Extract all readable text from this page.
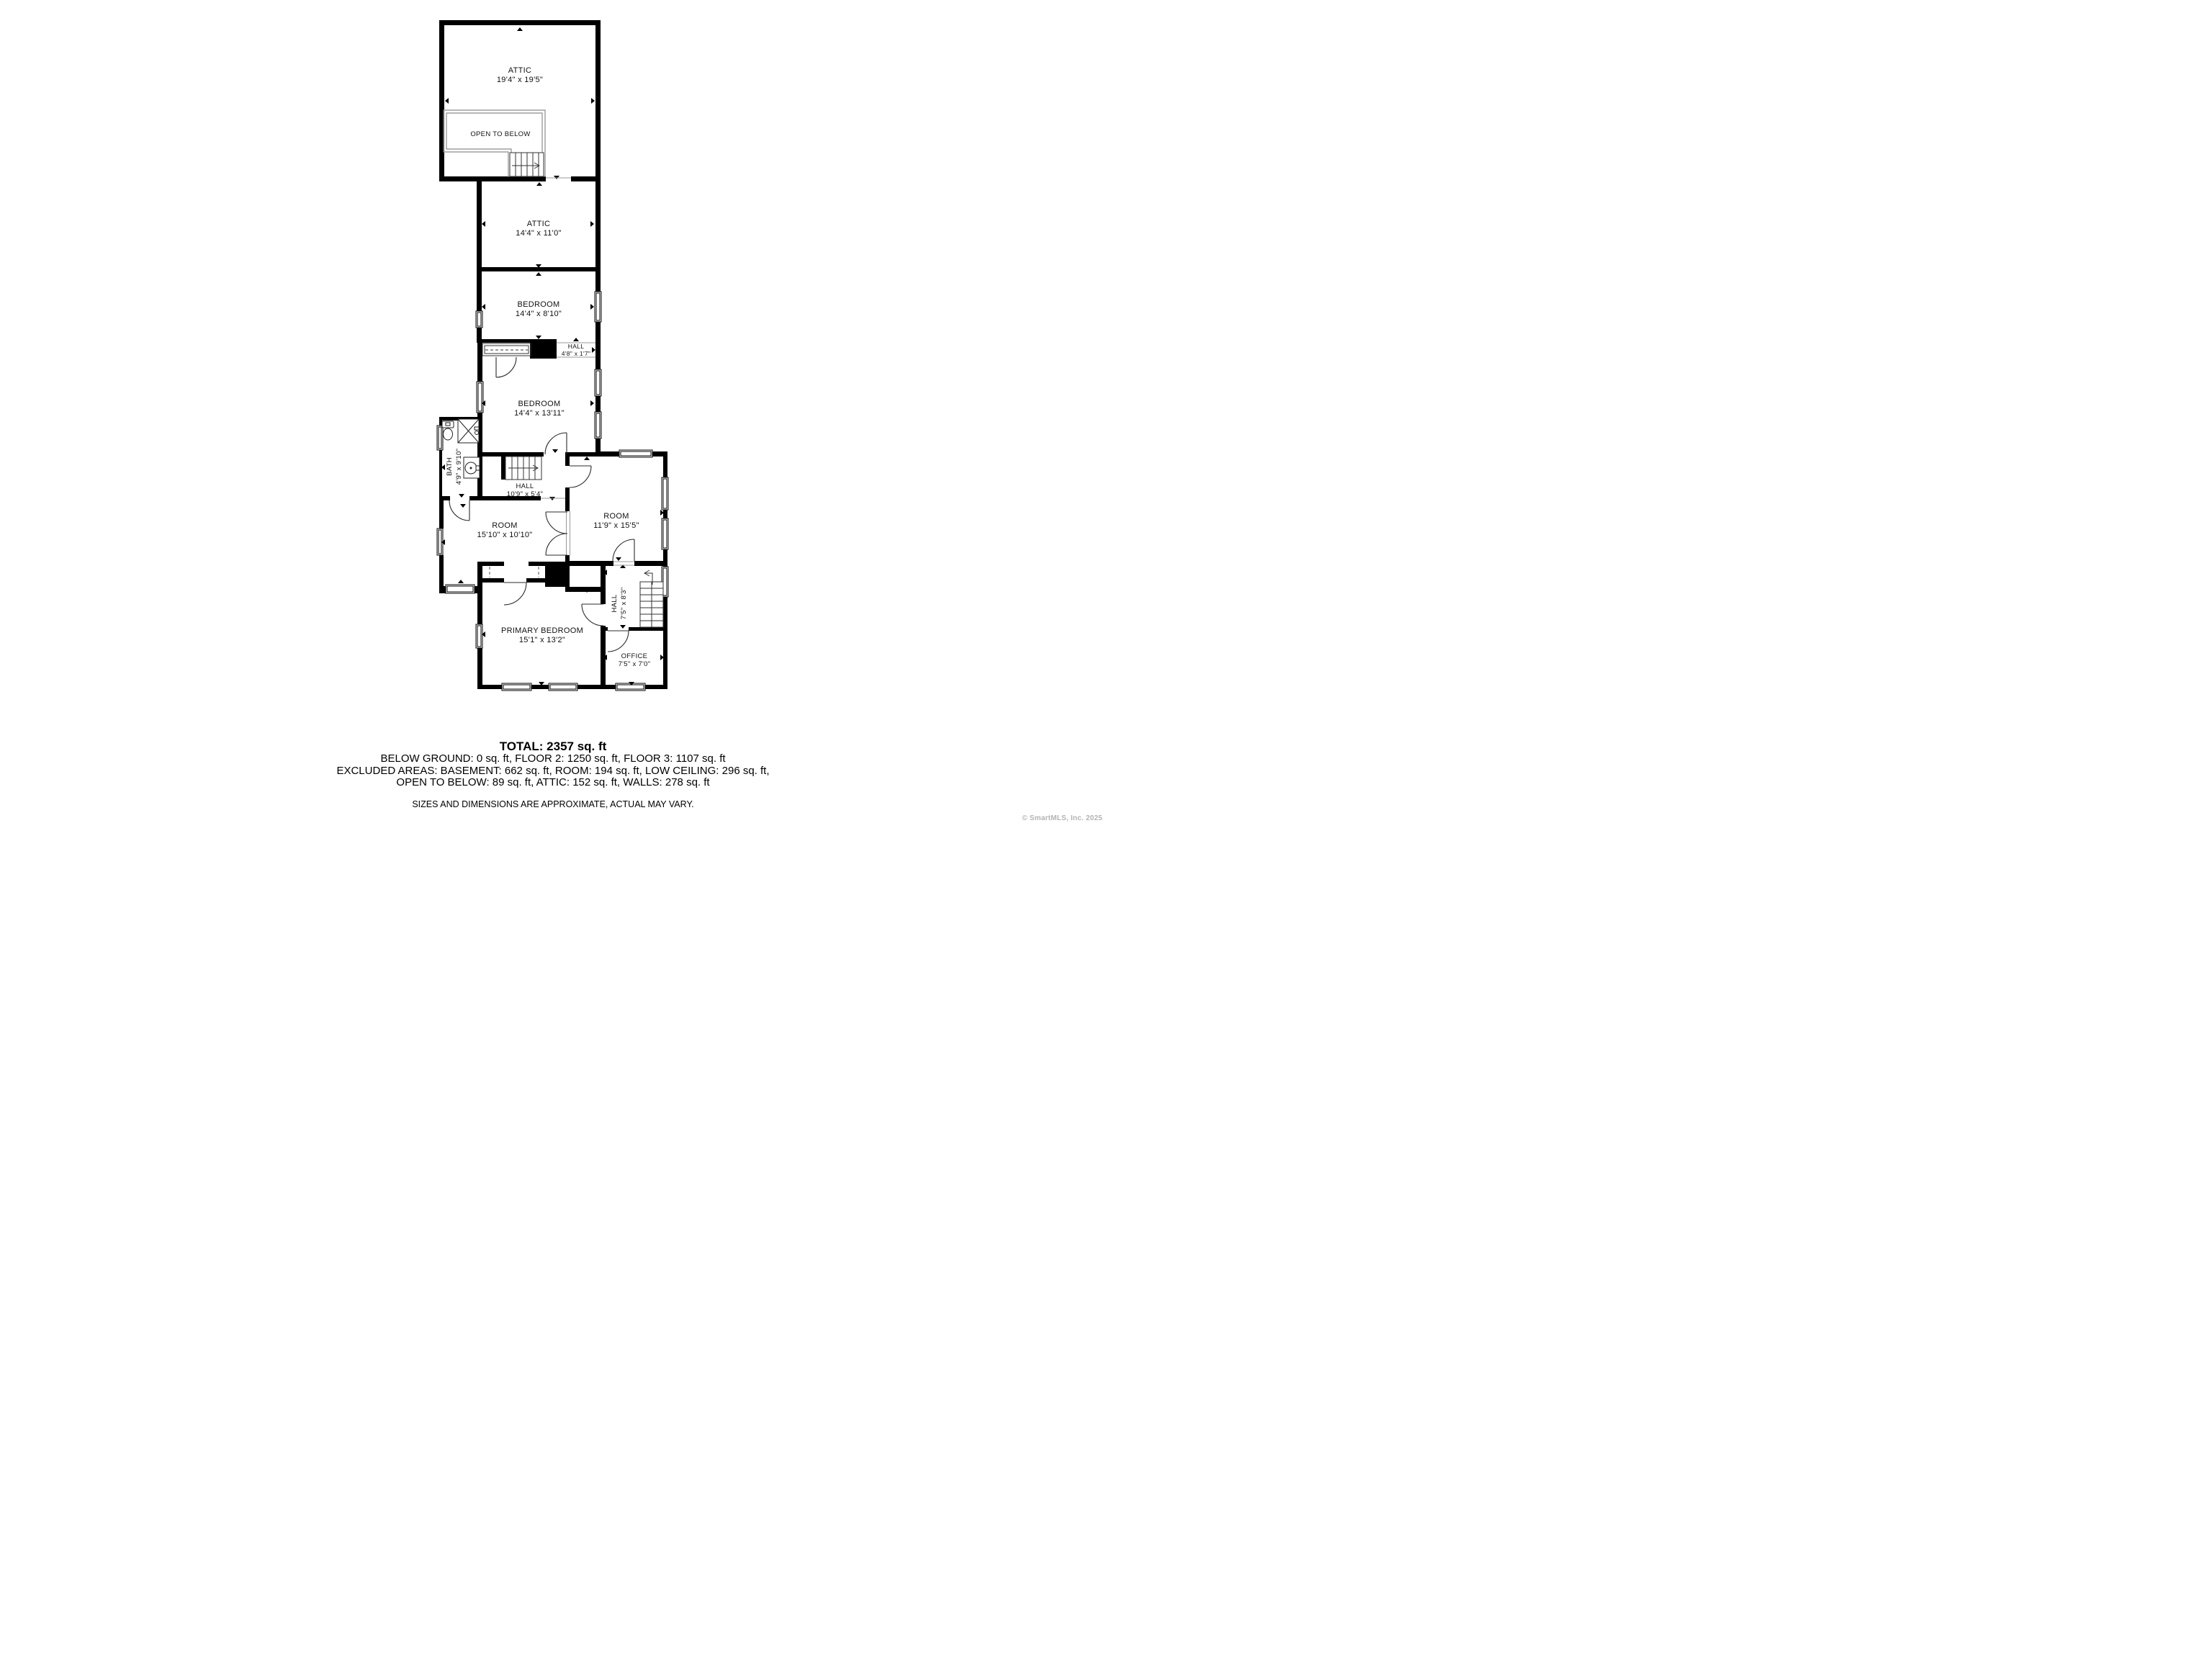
ATTIC
19'4" x 19'5"
OPEN TO BELOW
ATTIC
14'4" x 11'0"
BEDROOM
14'4" x 8'10"
HALL
4'8" x 1'7"
BEDROOM
14'4" x 13'11"
BATH 4'9" x 9'10"
HALL
10'9" x 5'4"
ROOM
15'10" x 10'10"
ROOM
11'9" x 15'5"
HALL 7'5" x 8'3"
PRIMARY BEDROOM
15'1" x 13'2"
OFFICE
7'5" x 7'0"
TOTAL: 2357 sq. ft
BELOW GROUND: 0 sq. ft, FLOOR 2: 1250 sq. ft, FLOOR 3: 1107 sq. ft
EXCLUDED AREAS: BASEMENT: 662 sq. ft, ROOM: 194 sq. ft, LOW CEILING: 296 sq. ft,
OPEN TO BELOW: 89 sq. ft, ATTIC: 152 sq. ft, WALLS: 278 sq. ft
SIZES AND DIMENSIONS ARE APPROXIMATE, ACTUAL MAY VARY.
© SmartMLS, Inc. 2025
